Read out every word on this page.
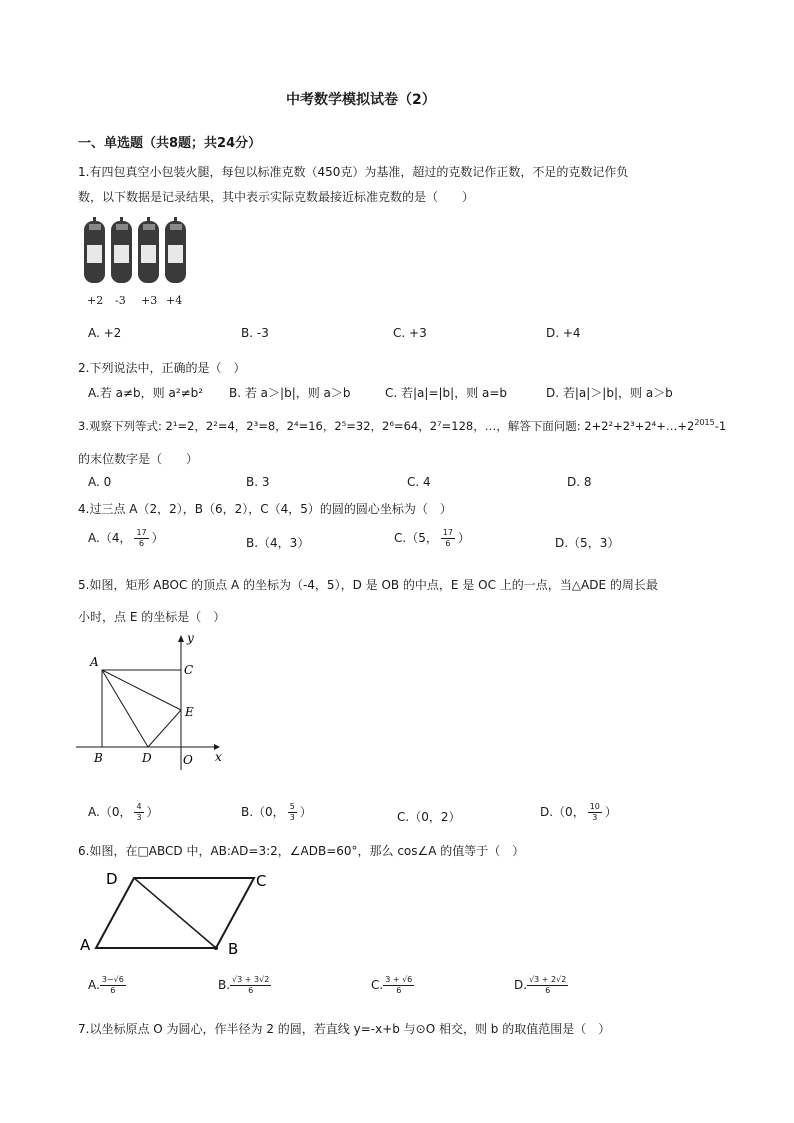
中考数学模拟试卷（2）
一、单选题（共8题；共24分）
1.有四包真空小包装火腿，每包以标准克数（450克）为基准，超过的克数记作正数，不足的克数记作负
数，以下数据是记录结果，其中表示实际克数最接近标准克数的是（　　）
+2 -3 +3 +4
A. +2	B. -3	C. +3	D. +4
2.下列说法中，正确的是（　）
A.若 a≠b，则 a²≠b² B. 若 a＞|b|，则 a＞b	C. 若|a|=|b|，则 a=b	D. 若|a|＞|b|，则 a＞b
3.观察下列等式: 2¹=2，2²=4，2³=8，2⁴=16，2⁵=32，2⁶=64，2⁷=128，…，解答下面问题: $2+2^2+2^3+2^4+\dots+2^{2015}-1$
的末位数字是（　　）
A. 0	B. 3	C. 4	D. 8
4.过三点 A（2，2），B（6，2），C（4，5）的圆的圆心坐标为（　）
A.（4， $\frac{17}{6}$ ）	B.（4，3）	C.（5， $\frac{17}{6}$ ）	D.（5，3）
5.如图，矩形 ABOC 的顶点 A 的坐标为（-4，5），D 是 OB 的中点，E 是 OC 上的一点，当△ADE 的周长最
小时，点 E 的坐标是（　）
A
C
E
B	D	O x
y
A.（0， $\frac{4}{3}$ ）	B.（0， $\frac{5}{3}$ ）	C.（0，2）	D.（0， $\frac{10}{3}$ ）
6.如图，在□ABCD 中，AB:AD=3:2，∠ADB=60°，那么 cos∠A 的值等于（　）
D	C
A	B
A. $\frac{3-√6}{6}$	B. $\frac{√3 + 3√2}{6}$	C. $\frac{3 + √6}{6}$	D. $\frac{√3 + 2√2}{6}$
7.以坐标原点 O 为圆心，作半径为 2 的圆，若直线 y=-x+b 与⊙O 相交，则 b 的取值范围是（　）
